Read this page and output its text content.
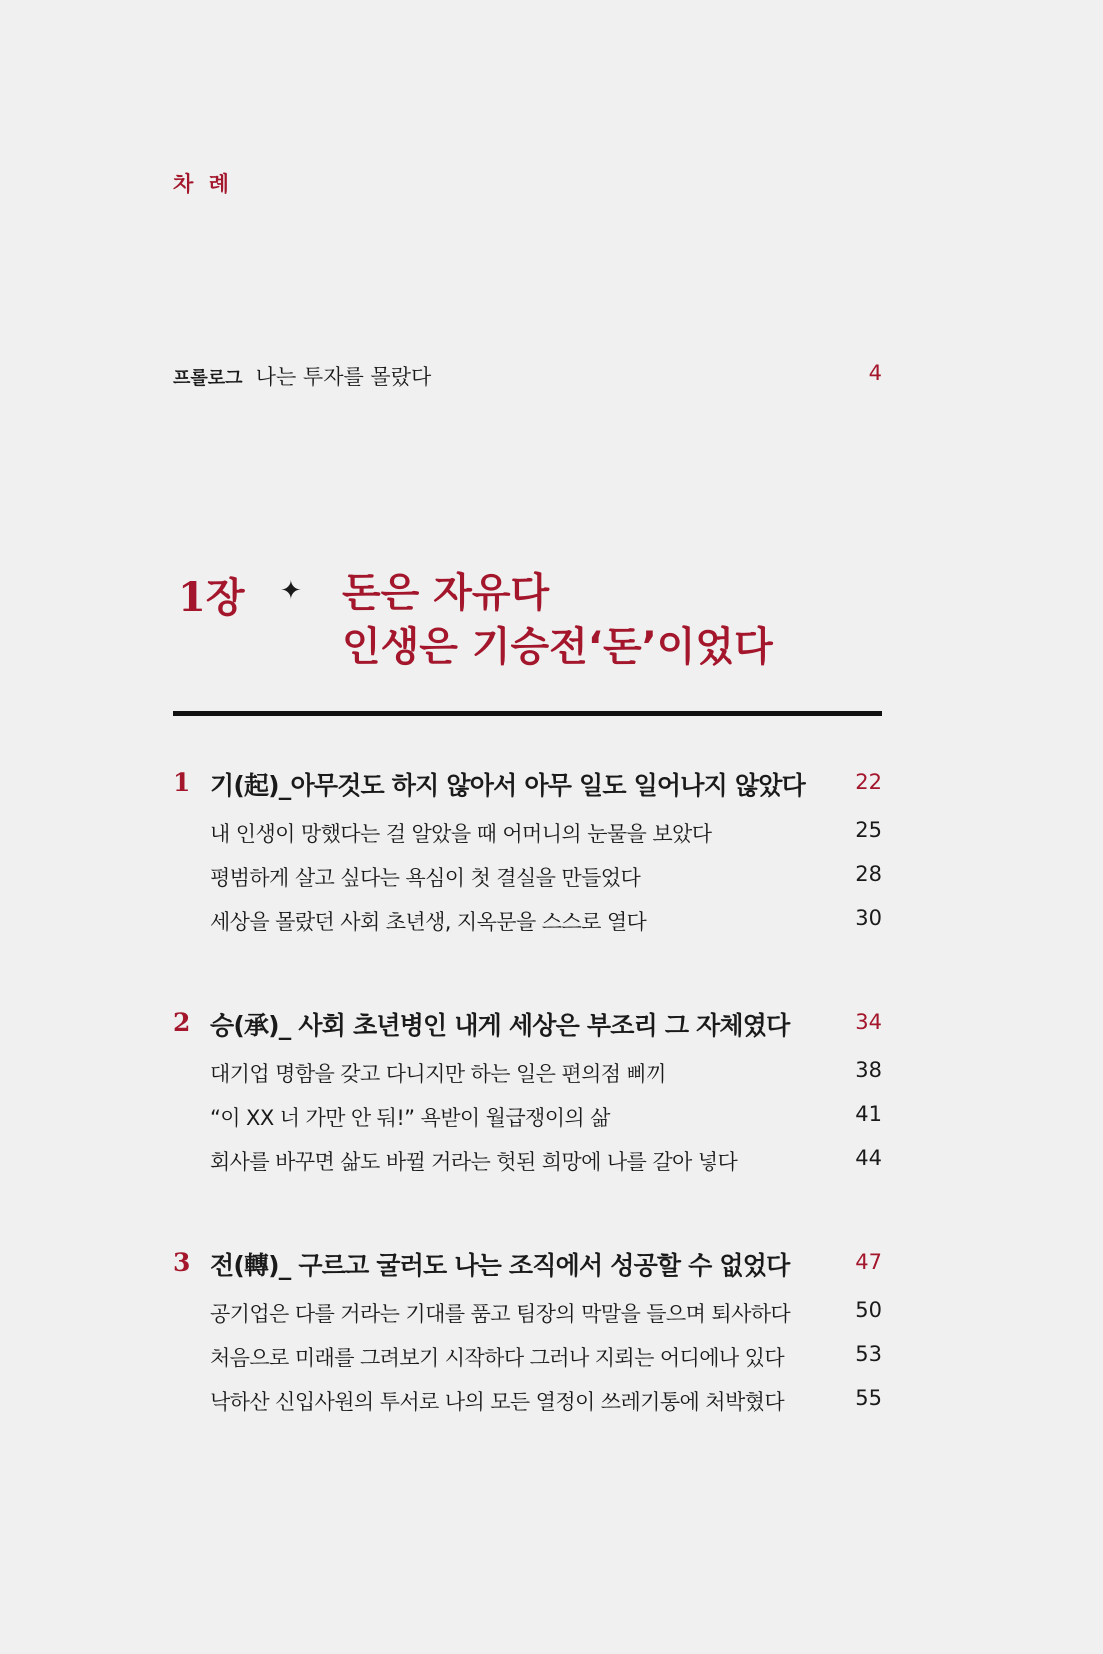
차 례
프롤로그 나는 투자를 몰랐다	4
1장 ✦ 돈은 자유다
인생은 기승전‘돈’이었다
1 기(起)_아무것도 하지 않아서 아무 일도 일어나지 않았다 22
내 인생이 망했다는 걸 알았을 때 어머니의 눈물을 보았다	25
평범하게 살고 싶다는 욕심이 첫 결실을 만들었다	28
세상을 몰랐던 사회 초년생, 지옥문을 스스로 열다	30
2 승(承)_ 사회 초년병인 내게 세상은 부조리 그 자체였다	34
대기업 명함을 갖고 다니지만 하는 일은 편의점 삐끼	38
“이 XX 너 가만 안 둬!” 욕받이 월급쟁이의 삶	41
회사를 바꾸면 삶도 바뀔 거라는 헛된 희망에 나를 갈아 넣다	44
3 전(轉)_ 구르고 굴러도 나는 조직에서 성공할 수 없었다	47
공기업은 다를 거라는 기대를 품고 팀장의 막말을 들으며 퇴사하다	50
처음으로 미래를 그려보기 시작하다 그러나 지뢰는 어디에나 있다	53
낙하산 신입사원의 투서로 나의 모든 열정이 쓰레기통에 처박혔다	55
